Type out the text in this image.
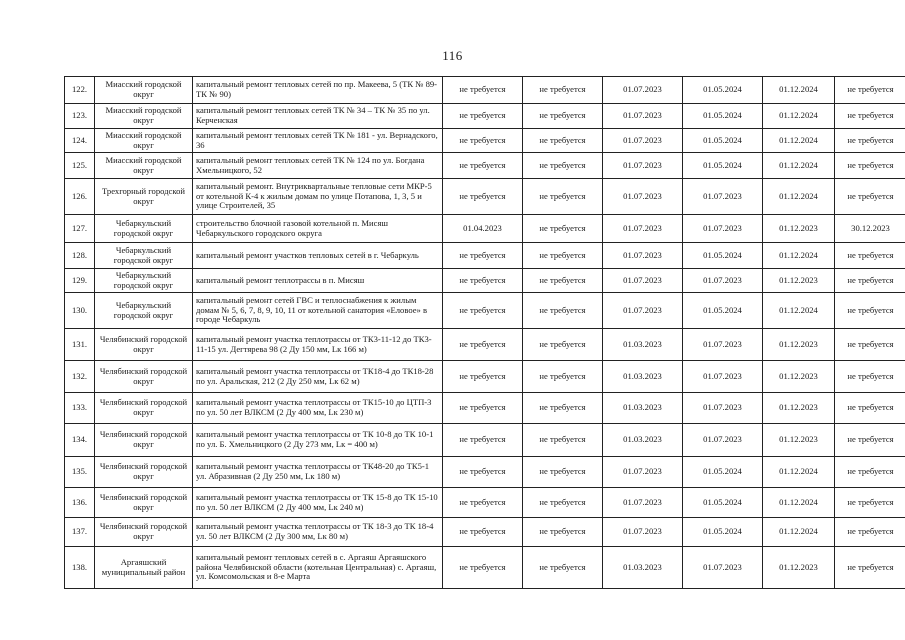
116
122.	Миасский городской округ	капитальный ремонт тепловых сетей по пр. Макеева, 5 (ТК № 89- ТК № 90)	не требуется	не требуется	01.07.2023	01.05.2024	01.12.2024	не требуется
123.	Миасский городской округ	капитальный ремонт тепловых сетей ТК № 34 – ТК № 35 по ул. Керченская	не требуется	не требуется	01.07.2023	01.05.2024	01.12.2024	не требуется
124.	Миасский городской округ	капитальный ремонт тепловых сетей ТК № 181 - ул. Вернадского, 36	не требуется	не требуется	01.07.2023	01.05.2024	01.12.2024	не требуется
125.	Миасский городской округ	капитальный ремонт тепловых сетей ТК № 124 по ул. Богдана Хмельницкого, 52	не требуется	не требуется	01.07.2023	01.05.2024	01.12.2024	не требуется
126.	Трехгорный городской округ	капитальный ремонт. Внутриквартальные тепловые сети МКР-5 от котельной К-4 к жилым домам по улице Потапова, 1, 3, 5 и улице Строителей, 35	не требуется	не требуется	01.07.2023	01.07.2023	01.12.2024	не требуется
127.	Чебаркульский городской округ	строительство блочной газовой котельной п. Мисяш Чебаркульского городского округа	01.04.2023	не требуется	01.07.2023	01.07.2023	01.12.2023	30.12.2023
128.	Чебаркульский городской округ	капитальный ремонт участков тепловых сетей в г. Чебаркуль	не требуется	не требуется	01.07.2023	01.05.2024	01.12.2024	не требуется
129.	Чебаркульский городской округ	капитальный ремонт теплотрассы в п. Мисяш	не требуется	не требуется	01.07.2023	01.07.2023	01.12.2023	не требуется
130.	Чебаркульский городской округ	капитальный ремонт сетей ГВС и теплоснабжения к жилым домам № 5, 6, 7, 8, 9, 10, 11 от котельной санатория «Еловое» в городе Чебаркуль	не требуется	не требуется	01.07.2023	01.05.2024	01.12.2024	не требуется
131.	Челябинский городской округ	капитальный ремонт участка теплотрассы от ТК3-11-12 до ТК3-11-15 ул. Дегтярева 98 (2 Ду 150 мм, Lк 166 м)	не требуется	не требуется	01.03.2023	01.07.2023	01.12.2023	не требуется
132.	Челябинский городской округ	капитальный ремонт участка теплотрассы от ТК18-4 до ТК18-28 по ул. Аральская, 212 (2 Ду 250 мм, Lк 62 м)	не требуется	не требуется	01.03.2023	01.07.2023	01.12.2023	не требуется
133.	Челябинский городской округ	капитальный ремонт участка теплотрассы от ТК15-10 до ЦТП-3 по ул. 50 лет ВЛКСМ (2 Ду 400 мм, Lк 230 м)	не требуется	не требуется	01.03.2023	01.07.2023	01.12.2023	не требуется
134.	Челябинский городской округ	капитальный ремонт участка теплотрассы от ТК 10-8 до ТК 10-1 по ул. Б. Хмельницкого (2 Ду 273 мм, Lк = 400 м)	не требуется	не требуется	01.03.2023	01.07.2023	01.12.2023	не требуется
135.	Челябинский городской округ	капитальный ремонт участка теплотрассы от ТК48-20 до ТК5-1 ул. Абразивная (2 Ду 250 мм, Lк 180 м)	не требуется	не требуется	01.07.2023	01.05.2024	01.12.2024	не требуется
136.	Челябинский городской округ	капитальный ремонт участка теплотрассы от ТК 15-8 до ТК 15-10 по ул. 50 лет ВЛКСМ (2 Ду 400 мм, Lк 240 м)	не требуется	не требуется	01.07.2023	01.05.2024	01.12.2024	не требуется
137.	Челябинский городской округ	капитальный ремонт участка теплотрассы от ТК 18-3 до ТК 18-4 ул. 50 лет ВЛКСМ (2 Ду 300 мм, Lк 80 м)	не требуется	не требуется	01.07.2023	01.05.2024	01.12.2024	не требуется
138.	Аргаяшский муниципальный район	капитальный ремонт тепловых сетей в с. Аргаяш Аргаяшского района Челябинской области (котельная Центральная) с. Аргаяш, ул. Комсомольская и 8-е Марта	не требуется	не требуется	01.03.2023	01.07.2023	01.12.2023	не требуется
